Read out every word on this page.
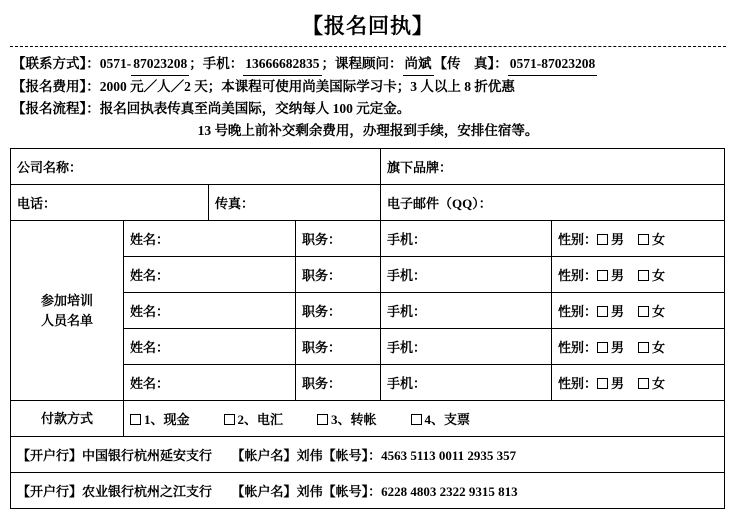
【报名回执】
【联系方式】：0571- 87023208 ；手机： 13666682835 ；课程顾问： 尚斌 【传　真】： 0571-87023208
【报名费用】：2000 元／人／2 天；本课程可使用尚美国际学习卡；3 人以上 8 折优惠
【报名流程】：报名回执表传真至尚美国际，交纳每人 100 元定金。
13 号晚上前补交剩余费用，办理报到手续，安排住宿等。
公司名称：				旗下品牌：	
电话：		传真：		电子邮件（QQ）：	

参加培训
人员名单	姓名：		职务：	手机：	性别： 男 女
	姓名：		职务：	手机：	性别： 男 女
	姓名：		职务：	手机：	性别： 男 女
	姓名：		职务：	手机：	性别： 男 女
	姓名：		职务：	手机：	性别： 男 女
付款方式	1、现金 2、电汇 3、转帐 4、支票				
【开户行】中国银行杭州延安支行　　 【帐户名】刘伟【帐号】：4563 5113 0011 2935 357					
【开户行】农业银行杭州之江支行　　 【帐户名】刘伟【帐号】：6228 4803 2322 9315 813					
